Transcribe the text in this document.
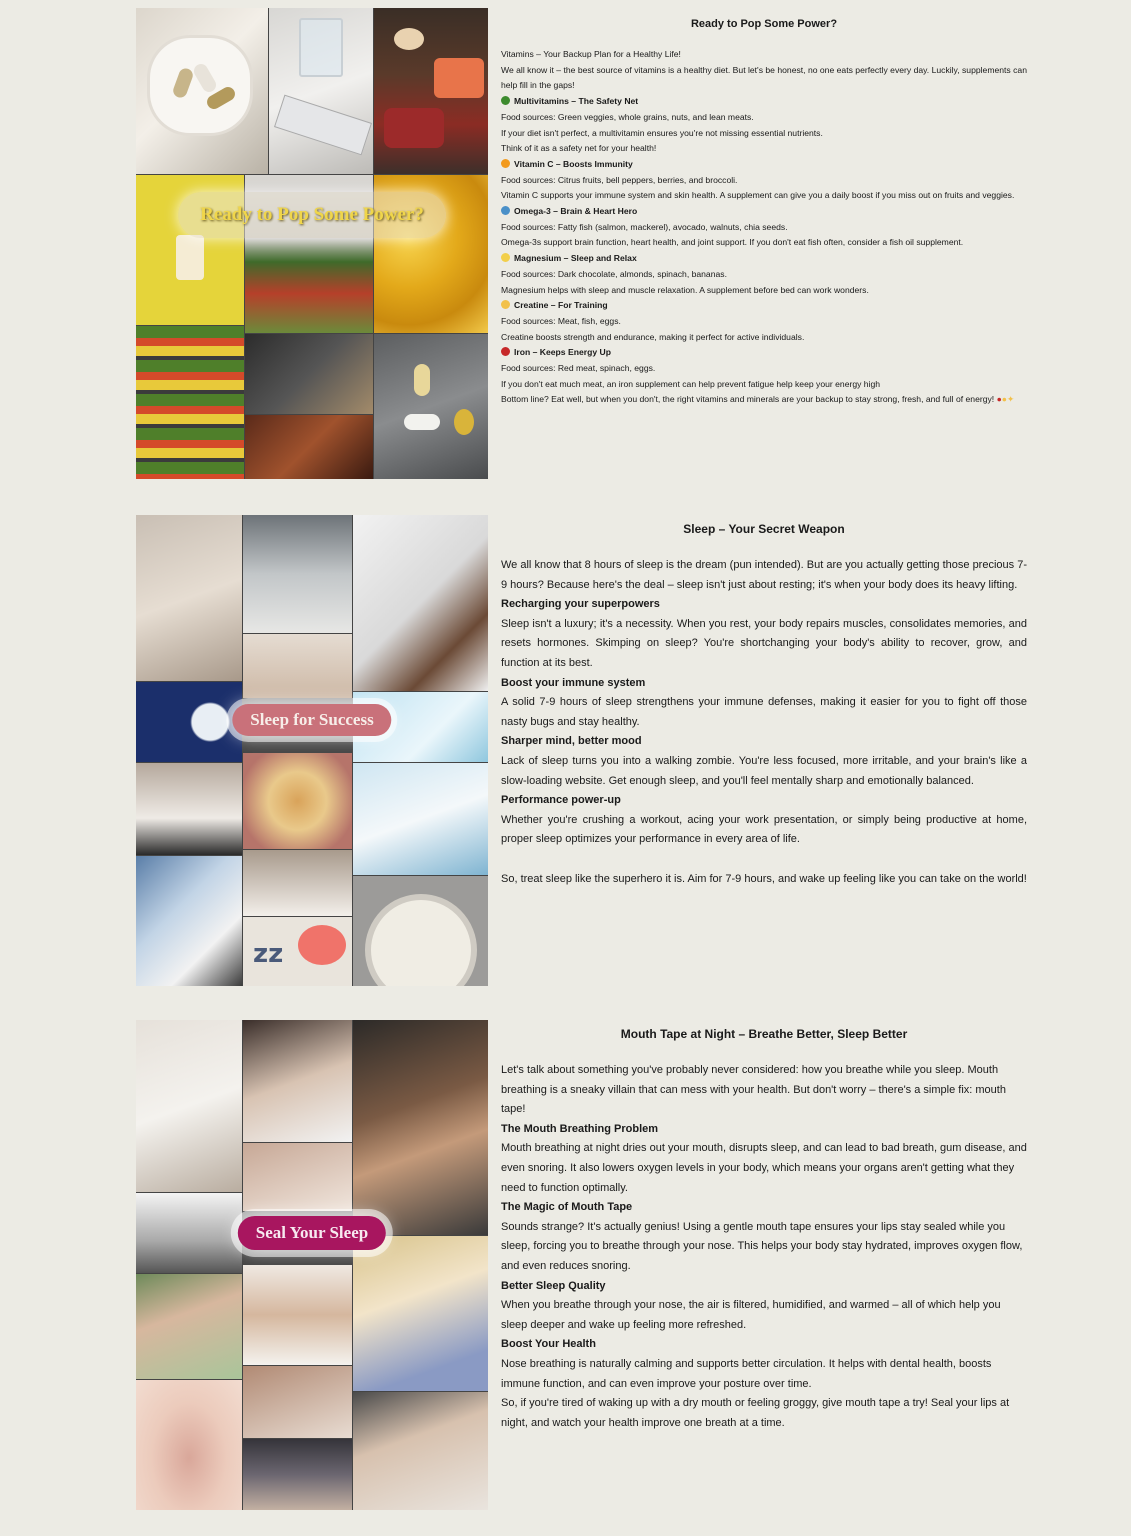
Ready to Pop Some Power?

Ready to Pop Some Power?

Vitamins – Your Backup Plan for a Healthy Life!

We all know it – the best source of vitamins is a healthy diet. But let's be honest, no one eats perfectly every day. Luckily, supplements can help fill in the gaps!

Multivitamins – The Safety Net

Food sources: Green veggies, whole grains, nuts, and lean meats.

If your diet isn't perfect, a multivitamin ensures you're not missing essential nutrients.

Think of it as a safety net for your health!

Vitamin C – Boosts Immunity

Food sources: Citrus fruits, bell peppers, berries, and broccoli.

Vitamin C supports your immune system and skin health. A supplement can give you a daily boost if you miss out on fruits and veggies.

Omega-3 – Brain & Heart Hero

Food sources: Fatty fish (salmon, mackerel), avocado, walnuts, chia seeds.

Omega-3s support brain function, heart health, and joint support. If you don't eat fish often, consider a fish oil supplement.

Magnesium – Sleep and Relax

Food sources: Dark chocolate, almonds, spinach, bananas.

Magnesium helps with sleep and muscle relaxation. A supplement before bed can work wonders.

Creatine – For Training

Food sources: Meat, fish, eggs.

Creatine boosts strength and endurance, making it perfect for active individuals.

Iron – Keeps Energy Up

Food sources: Red meat, spinach, eggs.

If you don't eat much meat, an iron supplement can help prevent fatigue help keep your energy high

Bottom line? Eat well, but when you don't, the right vitamins and minerals are your backup to stay strong, fresh, and full of energy! ●●✦

zz
Sleep for Success

Sleep – Your Secret Weapon

We all know that 8 hours of sleep is the dream (pun intended). But are you actually getting those precious 7-9 hours? Because here's the deal – sleep isn't just about resting; it's when your body does its heavy lifting.

Recharging your superpowers

Sleep isn't a luxury; it's a necessity. When you rest, your body repairs muscles, consolidates memories, and resets hormones. Skimping on sleep? You're shortchanging your body's ability to recover, grow, and function at its best.

Boost your immune system

A solid 7-9 hours of sleep strengthens your immune defenses, making it easier for you to fight off those nasty bugs and stay healthy.

Sharper mind, better mood

Lack of sleep turns you into a walking zombie. You're less focused, more irritable, and your brain's like a slow-loading website. Get enough sleep, and you'll feel mentally sharp and emotionally balanced.

Performance power-up

Whether you're crushing a workout, acing your work presentation, or simply being productive at home, proper sleep optimizes your performance in every area of life.

So, treat sleep like the superhero it is. Aim for 7-9 hours, and wake up feeling like you can take on the world!

Seal Your Sleep

Mouth Tape at Night – Breathe Better, Sleep Better

Let's talk about something you've probably never considered: how you breathe while you sleep. Mouth breathing is a sneaky villain that can mess with your health. But don't worry – there's a simple fix: mouth tape!

The Mouth Breathing Problem

Mouth breathing at night dries out your mouth, disrupts sleep, and can lead to bad breath, gum disease, and even snoring. It also lowers oxygen levels in your body, which means your organs aren't getting what they need to function optimally.

The Magic of Mouth Tape

Sounds strange? It's actually genius! Using a gentle mouth tape ensures your lips stay sealed while you sleep, forcing you to breathe through your nose. This helps your body stay hydrated, improves oxygen flow, and even reduces snoring.

Better Sleep Quality

When you breathe through your nose, the air is filtered, humidified, and warmed – all of which help you sleep deeper and wake up feeling more refreshed.

Boost Your Health

Nose breathing is naturally calming and supports better circulation. It helps with dental health, boosts immune function, and can even improve your posture over time.

So, if you're tired of waking up with a dry mouth or feeling groggy, give mouth tape a try! Seal your lips at night, and watch your health improve one breath at a time.
